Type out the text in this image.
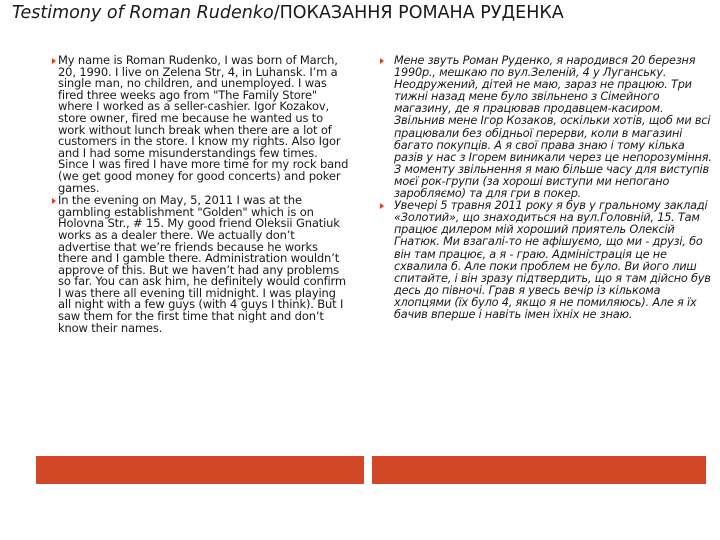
Testimony of Roman Rudenko/ПОКАЗАННЯ РОМАНА РУДЕНКА
My name is Roman Rudenko, I was born of March, 20, 1990. I live on Zelena Str, 4, in Luhansk. I’m a single man, no children, and unemployed. I was fired three weeks ago from "The Family Store" where I worked as a seller-cashier. Igor Kozakov, store owner, fired me because he wanted us to work without lunch break when there are a lot of customers in the store. I know my rights. Also Igor and I had some misunderstandings few times. Since I was fired I have more time for my rock band (we get good money for good concerts) and poker games.
In the evening on May, 5, 2011 I was at the gambling establishment "Golden" which is on Holovna Str., # 15. My good friend Oleksii Gnatiuk works as a dealer there. We actually don’t advertise that we’re friends because he works there and I gamble there. Administration wouldn’t approve of this. But we haven’t had any problems so far. You can ask him, he definitely would confirm I was there all evening till midnight. I was playing all night with a few guys (with 4 guys I think). But I saw them for the first time that night and don’t know their names.
Мене звуть Роман Руденко, я народився 20 березня 1990р., мешкаю по вул.Зеленій, 4 у Луганську. Неодружений, дітей не маю, зараз не працюю. Три тижні назад мене було звільнено з Сімейного магазину, де я працював продавцем-касиром. Звільнив мене Ігор Козаков, оскільки хотів, щоб ми всі працювали без обідньої перерви, коли в магазині багато покупців. А я свої права знаю і тому кілька разів у нас з Ігорем виникали через це непорозуміння. З моменту звільнення я маю більше часу для виступів моєї рок-групи (за хороші виступи ми непогано заробляємо) та для гри в покер.
Увечері 5 травня 2011 року я був у гральному закладі «Золотий», що знаходиться на вул.Головній, 15. Там працює дилером мій хороший приятель Олексій Гнатюк. Ми взагалі-то не афішуємо, що ми - друзі, бо він там працює, а я - граю. Адміністрація це не схвалила б. Але поки проблем не було. Ви його лиш спитайте, і він зразу підтвердить, що я там дійсно був десь до півночі. Грав я увесь вечір із кількома хлопцями (їх було 4, якщо я не помиляюсь). Але я їх бачив вперше і навіть імен їхніх не знаю.
